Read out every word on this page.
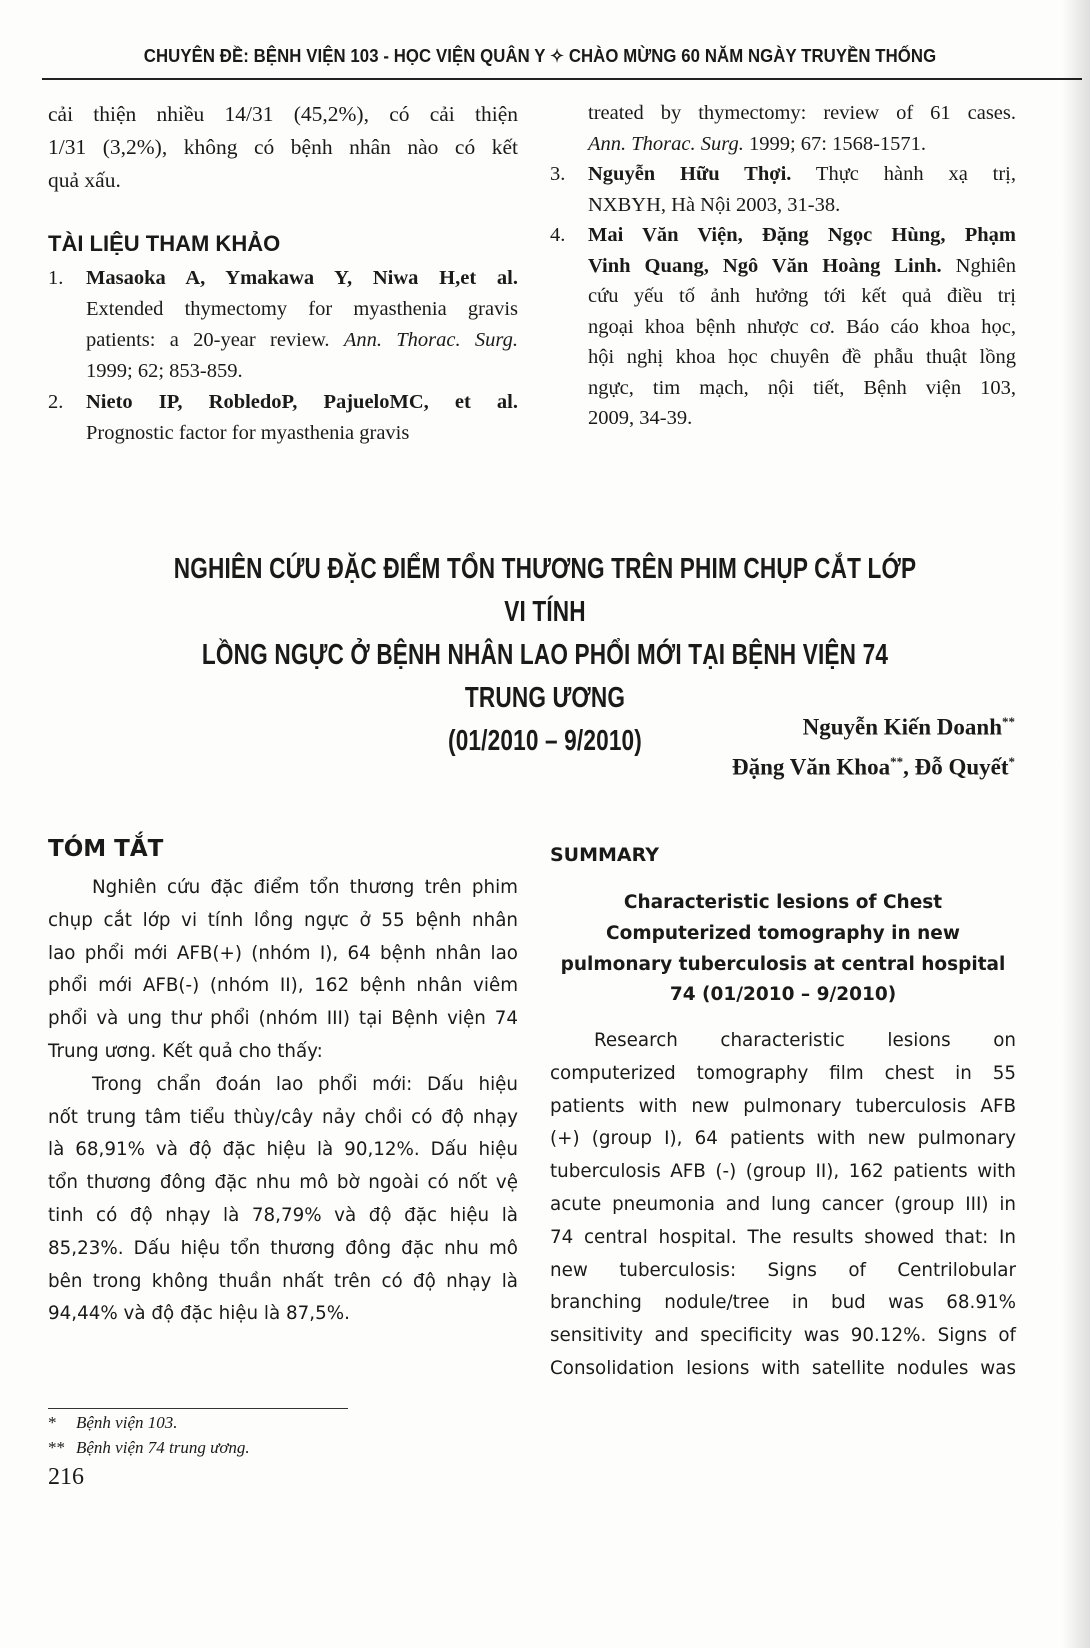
CHUYÊN ĐỀ: BỆNH VIỆN 103 - HỌC VIỆN QUÂN Y ✧ CHÀO MỪNG 60 NĂM NGÀY TRUYỀN THỐNG
cải thiện nhiều 14/31 (45,2%), có cải thiện
1/31 (3,2%), không có bệnh nhân nào có kết
quả xấu.
TÀI LIỆU THAM KHẢO
1. Masaoka A, Ymakawa Y, Niwa H,et al.
Extended thymectomy for myasthenia gravis
patients: a 20-year review. Ann. Thorac. Surg.
1999; 62; 853-859.
2. Nieto IP, RobledoP, PajueloMC, et al.
Prognostic factor for myasthenia gravis
treated by thymectomy: review of 61 cases.
Ann. Thorac. Surg. 1999; 67: 1568-1571.
3. Nguyễn Hữu Thợi. Thực hành xạ trị,
NXBYH, Hà Nội 2003, 31-38.
4. Mai Văn Viện, Đặng Ngọc Hùng, Phạm
Vinh Quang, Ngô Văn Hoàng Linh. Nghiên
cứu yếu tố ảnh hưởng tới kết quả điều trị
ngoại khoa bệnh nhược cơ. Báo cáo khoa học,
hội nghị khoa học chuyên đề phẫu thuật lồng
ngực, tim mạch, nội tiết, Bệnh viện 103,
2009, 34-39.
NGHIÊN CỨU ĐẶC ĐIỂM TỔN THƯƠNG TRÊN PHIM CHỤP CẮT LỚP VI TÍNH
LỒNG NGỰC Ở BỆNH NHÂN LAO PHỔI MỚI TẠI BỆNH VIỆN 74 TRUNG ƯƠNG
(01/2010 – 9/2010)	Nguyễn Kiến Doanh**
Đặng Văn Khoa**, Đỗ Quyết*
TÓM TẮT
Nghiên cứu đặc điểm tổn thương trên phim
chụp cắt lớp vi tính lồng ngực ở 55 bệnh nhân
lao phổi mới AFB(+) (nhóm I), 64 bệnh nhân lao
phổi mới AFB(-) (nhóm II), 162 bệnh nhân viêm
phổi và ung thư phổi (nhóm III) tại Bệnh viện 74
Trung ương. Kết quả cho thấy:
Trong chẩn đoán lao phổi mới: Dấu hiệu
nốt trung tâm tiểu thùy/cây nảy chồi có độ nhạy
là 68,91% và độ đặc hiệu là 90,12%. Dấu hiệu
tổn thương đông đặc nhu mô bờ ngoài có nốt vệ
tinh có độ nhạy là 78,79% và độ đặc hiệu là
85,23%. Dấu hiệu tổn thương đông đặc nhu mô
bên trong không thuần nhất trên có độ nhạy là
94,44% và độ đặc hiệu là 87,5%.
SUMMARY
Characteristic lesions of Chest
Computerized tomography in new
pulmonary tuberculosis at central hospital
74 (01/2010 – 9/2010)
Research characteristic lesions on
computerized tomography film chest in 55
patients with new pulmonary tuberculosis AFB
(+) (group I), 64 patients with new pulmonary
tuberculosis AFB (-) (group II), 162 patients with
acute pneumonia and lung cancer (group III) in
74 central hospital. The results showed that: In
new tuberculosis: Signs of Centrilobular
branching nodule/tree in bud was 68.91%
sensitivity and specificity was 90.12%. Signs of
Consolidation lesions with satellite nodules was
* Bệnh viện 103.
** Bệnh viện 74 trung ương.
216
